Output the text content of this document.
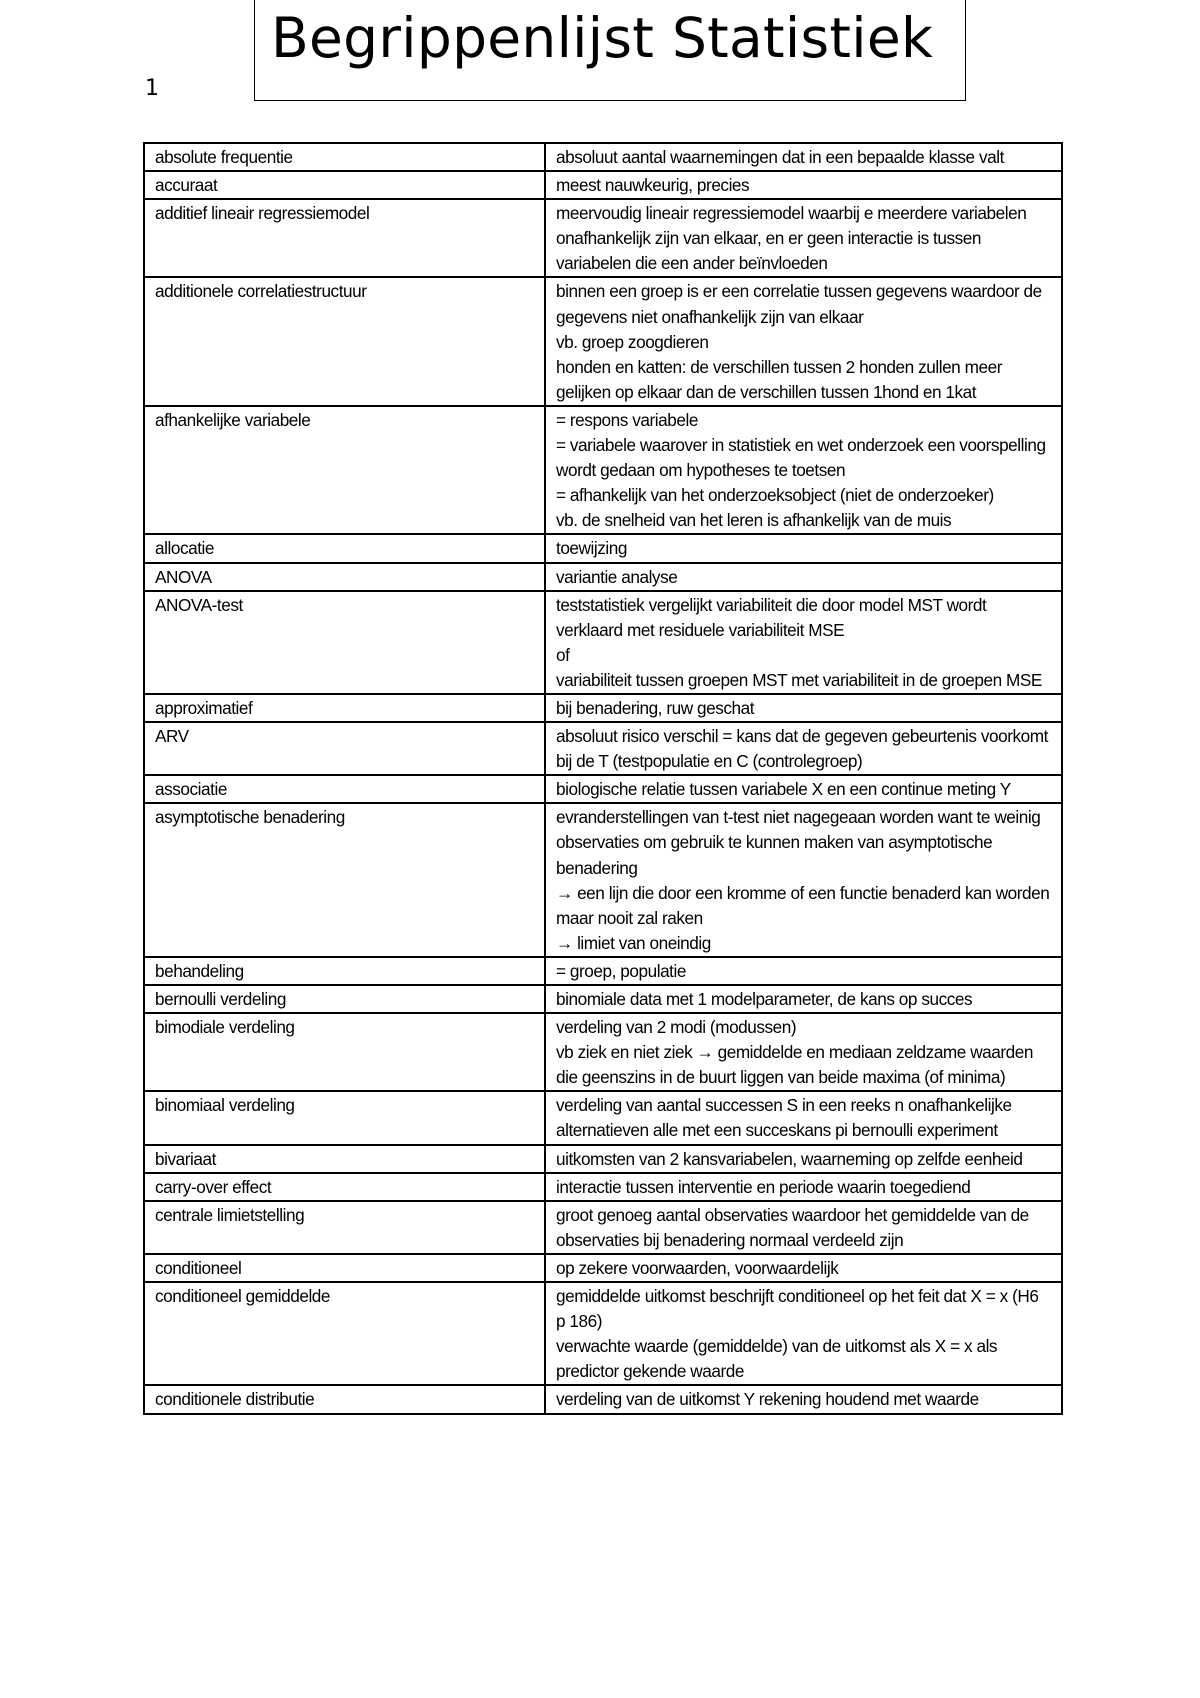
1
Begrippenlijst Statistiek
absolute frequentie	absoluut aantal waarnemingen dat in een bepaalde klasse valt
accuraat	meest nauwkeurig, precies
additief lineair regressiemodel	meervoudig lineair regressiemodel waarbij e meerdere variabelen onafhankelijk zijn van elkaar, en er geen interactie is tussen variabelen die een ander beïnvloeden
additionele correlatiestructuur	binnen een groep is er een correlatie tussen gegevens waardoor de gegevens niet onafhankelijk zijn van elkaar
vb. groep zoogdieren
honden en katten: de verschillen tussen 2 honden zullen meer gelijken op elkaar dan de verschillen tussen 1hond en 1kat
afhankelijke variabele	= respons variabele
= variabele waarover in statistiek en wet onderzoek een voorspelling wordt gedaan om hypotheses te toetsen
= afhankelijk van het onderzoeksobject (niet de onderzoeker)
vb. de snelheid van het leren is afhankelijk van de muis
allocatie	toewijzing
ANOVA	variantie analyse
ANOVA-test	teststatistiek vergelijkt variabiliteit die door model MST wordt verklaard met residuele variabiliteit MSE
of
variabiliteit tussen groepen MST met variabiliteit in de groepen MSE
approximatief	bij benadering, ruw geschat
ARV	absoluut risico verschil = kans dat de gegeven gebeurtenis voorkomt bij de T (testpopulatie en C (controlegroep)
associatie	biologische relatie tussen variabele X en een continue meting Y
asymptotische benadering	evranderstellingen van t-test niet nagegeaan worden want te weinig observaties om gebruik te kunnen maken van asymptotische benadering
→ een lijn die door een kromme of een functie benaderd kan worden maar nooit zal raken
→ limiet van oneindig
behandeling	= groep, populatie
bernoulli verdeling	binomiale data met 1 modelparameter, de kans op succes
bimodiale verdeling	verdeling van 2 modi (modussen)
vb ziek en niet ziek → gemiddelde en mediaan zeldzame waarden die geenszins in de buurt liggen van beide maxima (of minima)
binomiaal verdeling	verdeling van aantal successen S in een reeks n onafhankelijke alternatieven alle met een succeskans pi bernoulli experiment
bivariaat	uitkomsten van 2 kansvariabelen, waarneming op zelfde eenheid
carry-over effect	interactie tussen interventie en periode waarin toegediend
centrale limietstelling	groot genoeg aantal observaties waardoor het gemiddelde van de observaties bij benadering normaal verdeeld zijn
conditioneel	op zekere voorwaarden, voorwaardelijk
conditioneel gemiddelde	gemiddelde uitkomst beschrijft conditioneel op het feit dat X = x (H6 p 186)
verwachte waarde (gemiddelde) van de uitkomst als X = x als predictor gekende waarde
conditionele distributie	verdeling van de uitkomst Y rekening houdend met waarde
